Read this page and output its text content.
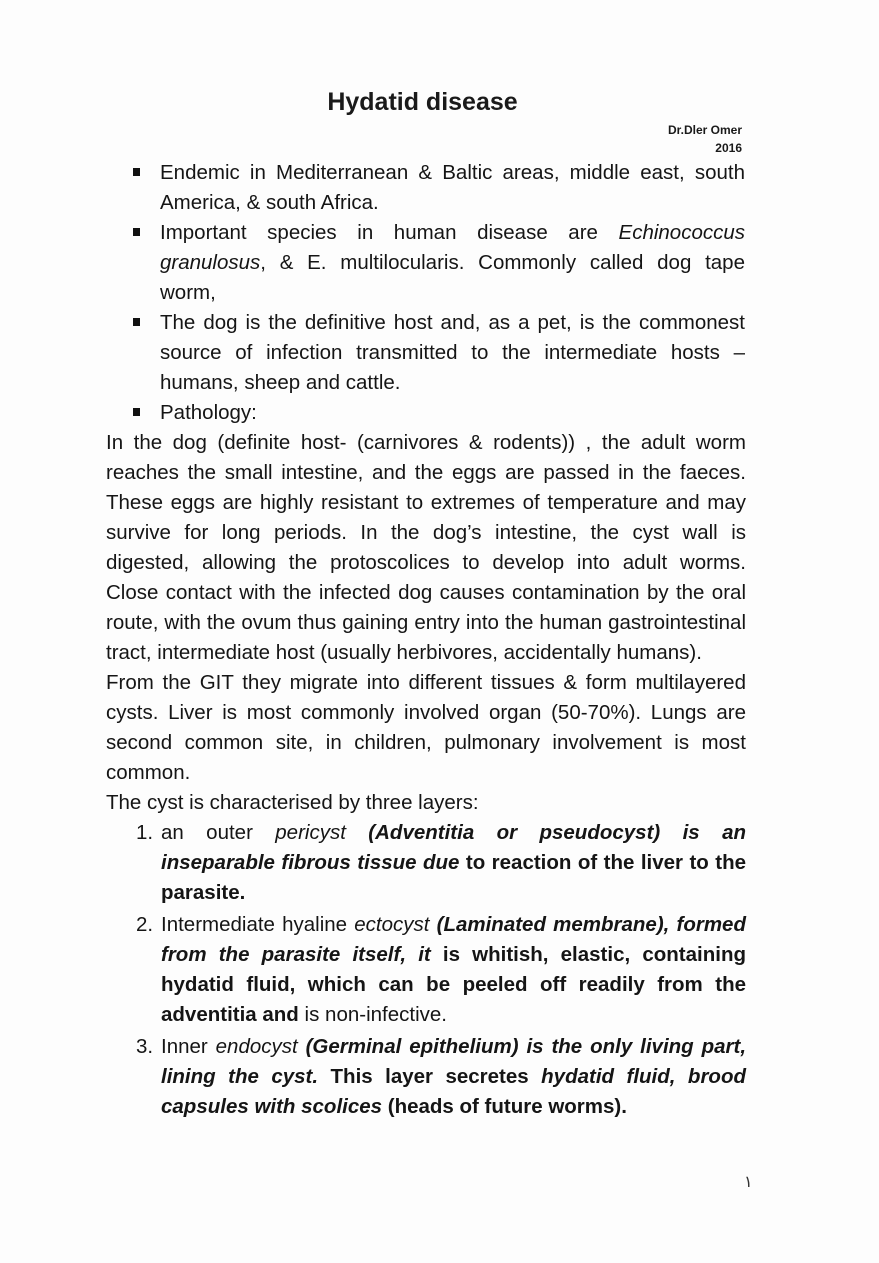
Hydatid disease
Dr.Dler Omer
2016
Endemic in Mediterranean & Baltic areas, middle east, south America, & south Africa.
Important species in human disease are Echinococcus granulosus, & E. multilocularis. Commonly called dog tape worm,
The dog is the definitive host and, as a pet, is the commonest source of infection transmitted to the intermediate hosts – humans, sheep and cattle.
Pathology:

In the dog (definite host- (carnivores & rodents)) , the adult worm reaches the small intestine, and the eggs are passed in the faeces. These eggs are highly resistant to extremes of temperature and may survive for long periods. In the dog’s intestine, the cyst wall is digested, allowing the protoscolices to develop into adult worms. Close contact with the infected dog causes contamination by the oral route, with the ovum thus gaining entry into the human gastrointestinal tract, intermediate host (usually herbivores, accidentally humans).

From the GIT they migrate into different tissues & form multilayered cysts. Liver is most commonly involved organ (50-70%). Lungs are second common site, in children, pulmonary involvement is most common.

The cyst is characterised by three layers:

1. an outer pericyst (Adventitia or pseudocyst) is an inseparable fibrous tissue due to reaction of the liver to the parasite.
2. Intermediate hyaline ectocyst (Laminated membrane), formed from the parasite itself, it is whitish, elastic, containing hydatid fluid, which can be peeled off readily from the adventitia and is non-infective.
3. Inner endocyst (Germinal epithelium) is the only living part, lining the cyst. This layer secretes hydatid fluid, brood capsules with scolices (heads of future worms).
١
